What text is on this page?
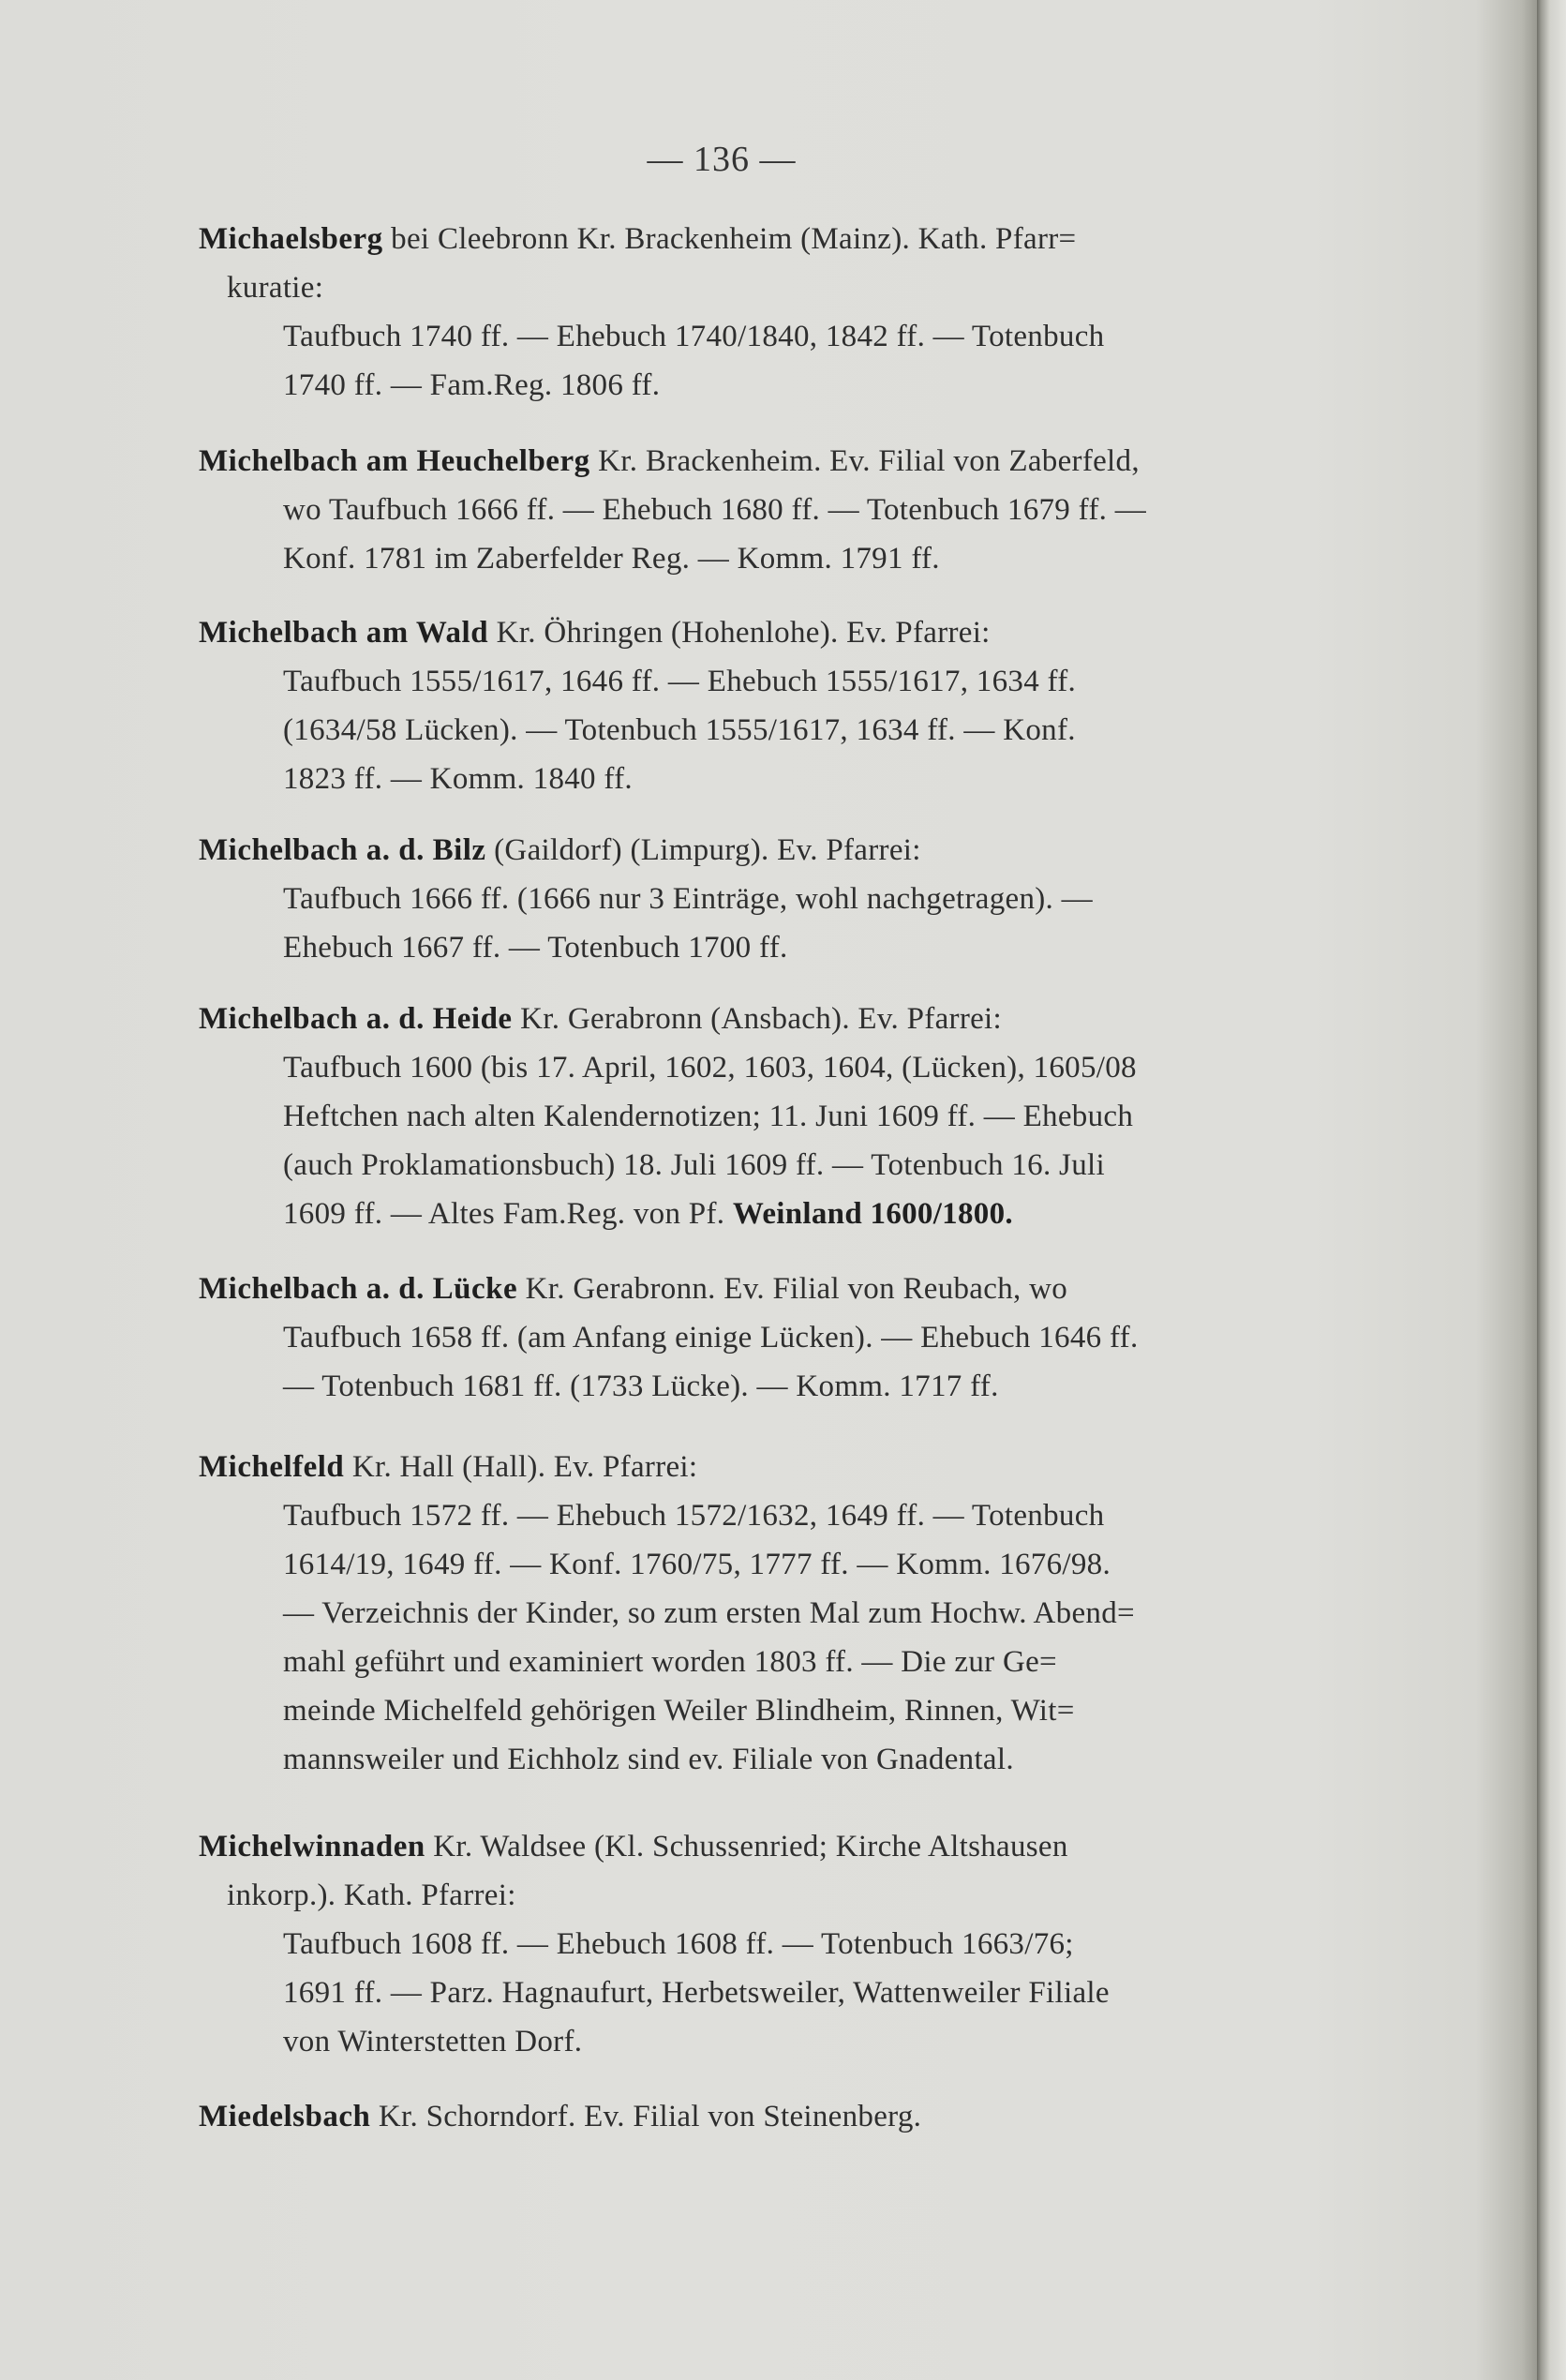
— 136 —
Michaelsberg bei Cleebronn Kr. Brackenheim (Mainz). Kath. Pfarr=
kuratie:
Taufbuch 1740 ff. — Ehebuch 1740/1840, 1842 ff. — Totenbuch
1740 ff. — Fam.Reg. 1806 ff.
Michelbach am Heuchelberg Kr. Brackenheim. Ev. Filial von Zaberfeld,
wo Taufbuch 1666 ff. — Ehebuch 1680 ff. — Totenbuch 1679 ff. —
Konf. 1781 im Zaberfelder Reg. — Komm. 1791 ff.
Michelbach am Wald Kr. Öhringen (Hohenlohe). Ev. Pfarrei:
Taufbuch 1555/1617, 1646 ff. — Ehebuch 1555/1617, 1634 ff.
(1634/58 Lücken). — Totenbuch 1555/1617, 1634 ff. — Konf.
1823 ff. — Komm. 1840 ff.
Michelbach a. d. Bilz (Gaildorf) (Limpurg). Ev. Pfarrei:
Taufbuch 1666 ff. (1666 nur 3 Einträge, wohl nachgetragen). —
Ehebuch 1667 ff. — Totenbuch 1700 ff.
Michelbach a. d. Heide Kr. Gerabronn (Ansbach). Ev. Pfarrei:
Taufbuch 1600 (bis 17. April, 1602, 1603, 1604, (Lücken), 1605/08
Heftchen nach alten Kalendernotizen; 11. Juni 1609 ff. — Ehebuch
(auch Proklamationsbuch) 18. Juli 1609 ff. — Totenbuch 16. Juli
1609 ff. — Altes Fam.Reg. von Pf. Weinland 1600/1800.
Michelbach a. d. Lücke Kr. Gerabronn. Ev. Filial von Reubach, wo
Taufbuch 1658 ff. (am Anfang einige Lücken). — Ehebuch 1646 ff.
— Totenbuch 1681 ff. (1733 Lücke). — Komm. 1717 ff.
Michelfeld Kr. Hall (Hall). Ev. Pfarrei:
Taufbuch 1572 ff. — Ehebuch 1572/1632, 1649 ff. — Totenbuch
1614/19, 1649 ff. — Konf. 1760/75, 1777 ff. — Komm. 1676/98.
— Verzeichnis der Kinder, so zum ersten Mal zum Hochw. Abend=
mahl geführt und examiniert worden 1803 ff. — Die zur Ge=
meinde Michelfeld gehörigen Weiler Blindheim, Rinnen, Wit=
mannsweiler und Eichholz sind ev. Filiale von Gnadental.
Michelwinnaden Kr. Waldsee (Kl. Schussenried; Kirche Altshausen
inkorp.). Kath. Pfarrei:
Taufbuch 1608 ff. — Ehebuch 1608 ff. — Totenbuch 1663/76;
1691 ff. — Parz. Hagnaufurt, Herbetsweiler, Wattenweiler Filiale
von Winterstetten Dorf.
Miedelsbach Kr. Schorndorf. Ev. Filial von Steinenberg.
